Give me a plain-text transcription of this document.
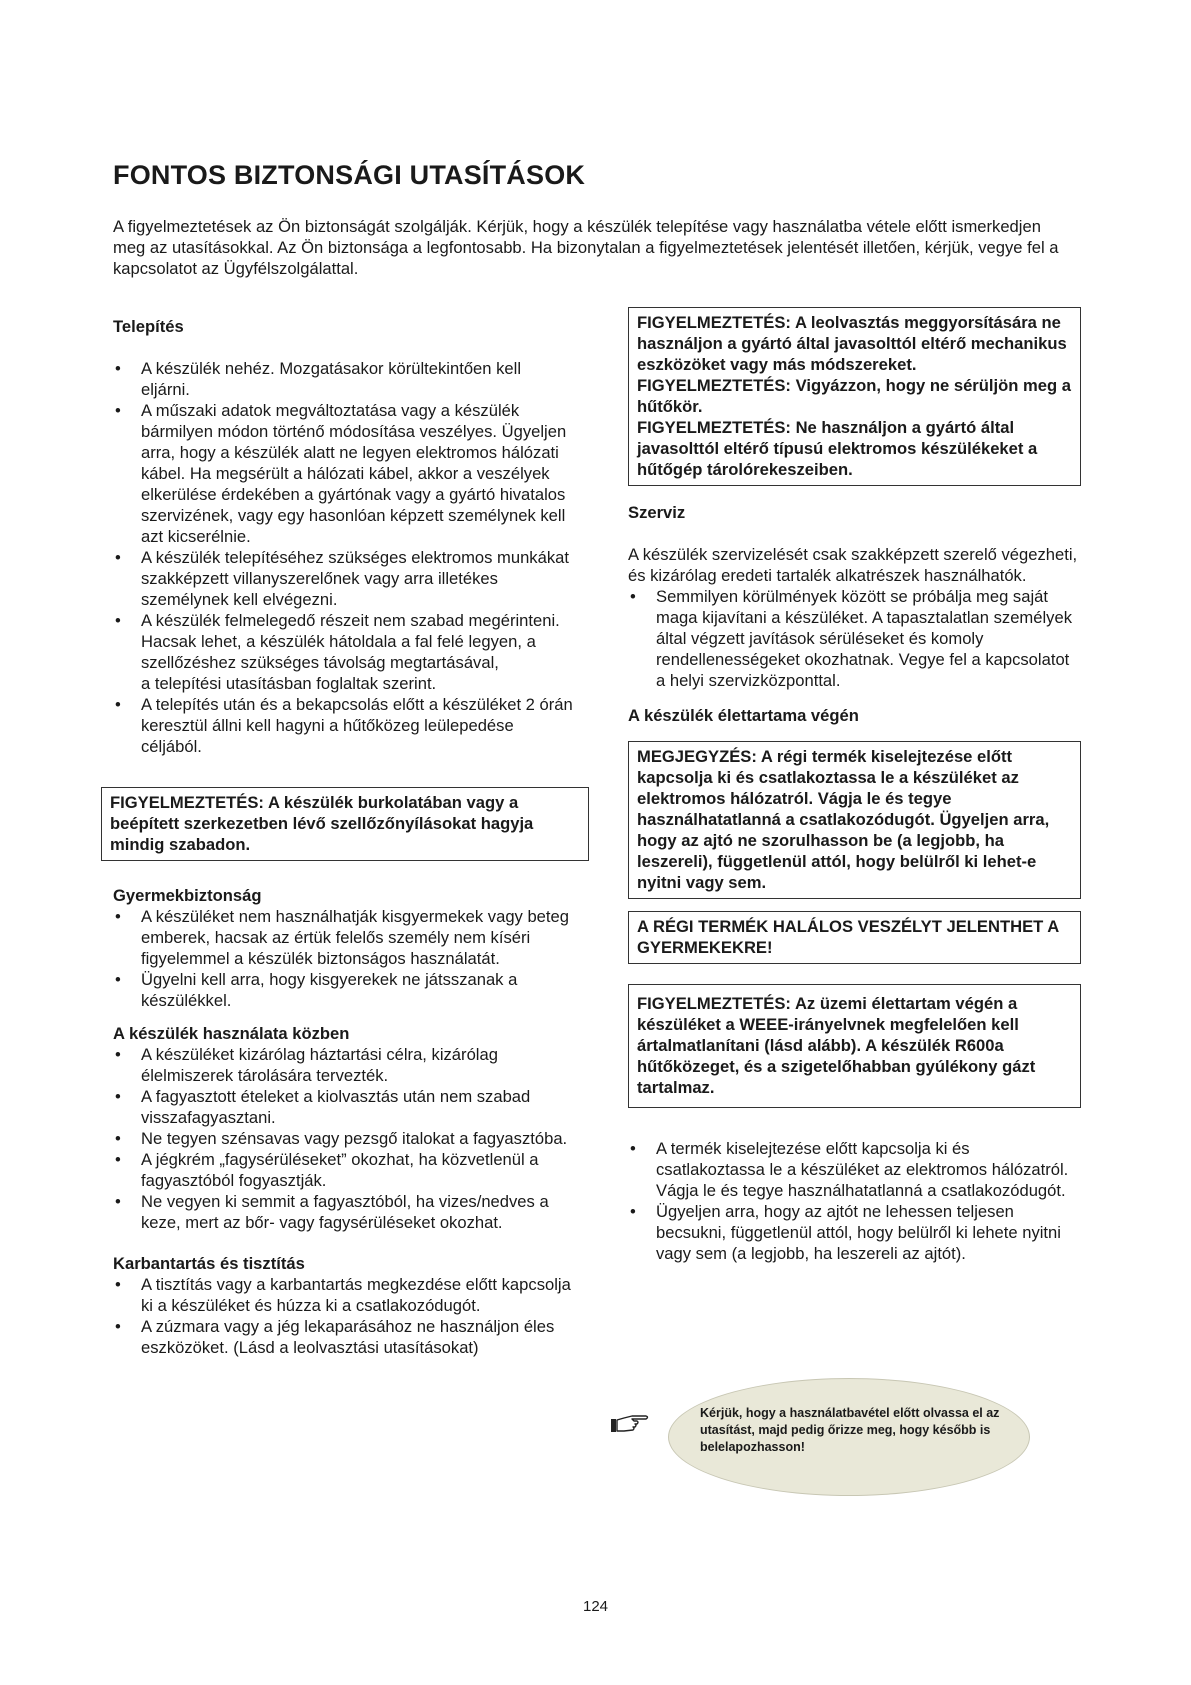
FONTOS BIZTONSÁGI UTASÍTÁSOK

A figyelmeztetések az Ön biztonságát szolgálják. Kérjük, hogy a készülék telepítése vagy használatba vétele előtt ismerkedjen meg az utasításokkal. Az Ön biztonsága a legfontosabb. Ha bizonytalan a figyelmeztetések jelentését illetően, kérjük, vegye fel a kapcsolatot az Ügyfélszolgálattal.

Telepítés
• A készülék nehéz. Mozgatásakor körültekintően kell eljárni.
• A műszaki adatok megváltoztatása vagy a készülék bármilyen módon történő módosítása veszélyes. Ügyeljen arra, hogy a készülék alatt ne legyen elektromos hálózati kábel. Ha megsérült a hálózati kábel, akkor a veszélyek elkerülése érdekében a gyártónak vagy a gyártó hivatalos szervizének, vagy egy hasonlóan képzett személynek kell azt kicserélnie.
• A készülék telepítéséhez szükséges elektromos munkákat szakképzett villanyszerelőnek vagy arra illetékes személynek kell elvégezni.
• A készülék felmelegedő részeit nem szabad megérinteni.
Hacsak lehet, a készülék hátoldala a fal felé legyen, a szellőzéshez szükséges távolság megtartásával,
a telepítési utasításban foglaltak szerint.
• A telepítés után és a bekapcsolás előtt a készüléket 2 órán keresztül állni kell hagyni a hűtőközeg leülepedése
céljából.
FIGYELMEZTETÉS: A készülék burkolatában vagy a beépített szerkezetben lévő szellőzőnyílásokat hagyja mindig szabadon.
Gyermekbiztonság
• A készüléket nem használhatják kisgyermekek vagy beteg emberek, hacsak az értük felelős személy nem kíséri figyelemmel a készülék biztonságos használatát.
• Ügyelni kell arra, hogy kisgyerekek ne játsszanak a készülékkel.
A készülék használata közben
• A készüléket kizárólag háztartási célra, kizárólag élelmiszerek tárolására tervezték.
• A fagyasztott ételeket a kiolvasztás után nem szabad visszafagyasztani.
• Ne tegyen szénsavas vagy pezsgő italokat a fagyasztóba.
• A jégkrém „fagysérüléseket” okozhat, ha közvetlenül a fagyasztóból fogyasztják.
• Ne vegyen ki semmit a fagyasztóból, ha vizes/nedves a keze, mert az bőr- vagy fagysérüléseket okozhat.
Karbantartás és tisztítás
• A tisztítás vagy a karbantartás megkezdése előtt kapcsolja ki a készüléket és húzza ki a csatlakozódugót.
• A zúzmara vagy a jég lekaparásához ne használjon éles eszközöket. (Lásd a leolvasztási utasításokat)
FIGYELMEZTETÉS: A leolvasztás meggyorsítására ne használjon a gyártó által javasolttól eltérő mechanikus eszközöket vagy más módszereket.
FIGYELMEZTETÉS: Vigyázzon, hogy ne sérüljön meg a hűtőkör.
FIGYELMEZTETÉS: Ne használjon a gyártó által javasolttól eltérő típusú elektromos készülékeket a hűtőgép tárolórekeszeiben.
Szerviz

A készülék szervizelését csak szakképzett szerelő végezheti, és kizárólag eredeti tartalék alkatrészek használhatók.

• Semmilyen körülmények között se próbálja meg saját maga kijavítani a készüléket. A tapasztalatlan személyek által végzett javítások sérüléseket és komoly rendellenességeket okozhatnak. Vegye fel a kapcsolatot a helyi szervizközponttal.
A készülék élettartama végén
MEGJEGYZÉS: A régi termék kiselejtezése előtt kapcsolja ki és csatlakoztassa le a készüléket az elektromos hálózatról. Vágja le és tegye használhatatlanná a csatlakozódugót. Ügyeljen arra, hogy az ajtó ne szorulhasson be (a legjobb, ha leszereli), függetlenül attól, hogy belülről ki lehet-e nyitni vagy sem.
A RÉGI TERMÉK HALÁLOS VESZÉLYT JELENTHET A GYERMEKEKRE!
FIGYELMEZTETÉS: Az üzemi élettartam végén a készüléket a WEEE-irányelvnek megfelelően kell ártalmatlanítani (lásd alább). A készülék R600a hűtőközeget, és a szigetelőhabban gyúlékony gázt tartalmaz.
• A termék kiselejtezése előtt kapcsolja ki és csatlakoztassa le a készüléket az elektromos hálózatról. Vágja le és tegye használhatatlanná a csatlakozódugót.
• Ügyeljen arra, hogy az ajtót ne lehessen teljesen becsukni, függetlenül attól, hogy belülről ki lehete nyitni vagy sem (a legjobb, ha leszereli az ajtót).

Kérjük, hogy a használatbavétel előtt olvassa el az utasítást, majd pedig őrizze meg, hogy később is belelapozhasson!

124
